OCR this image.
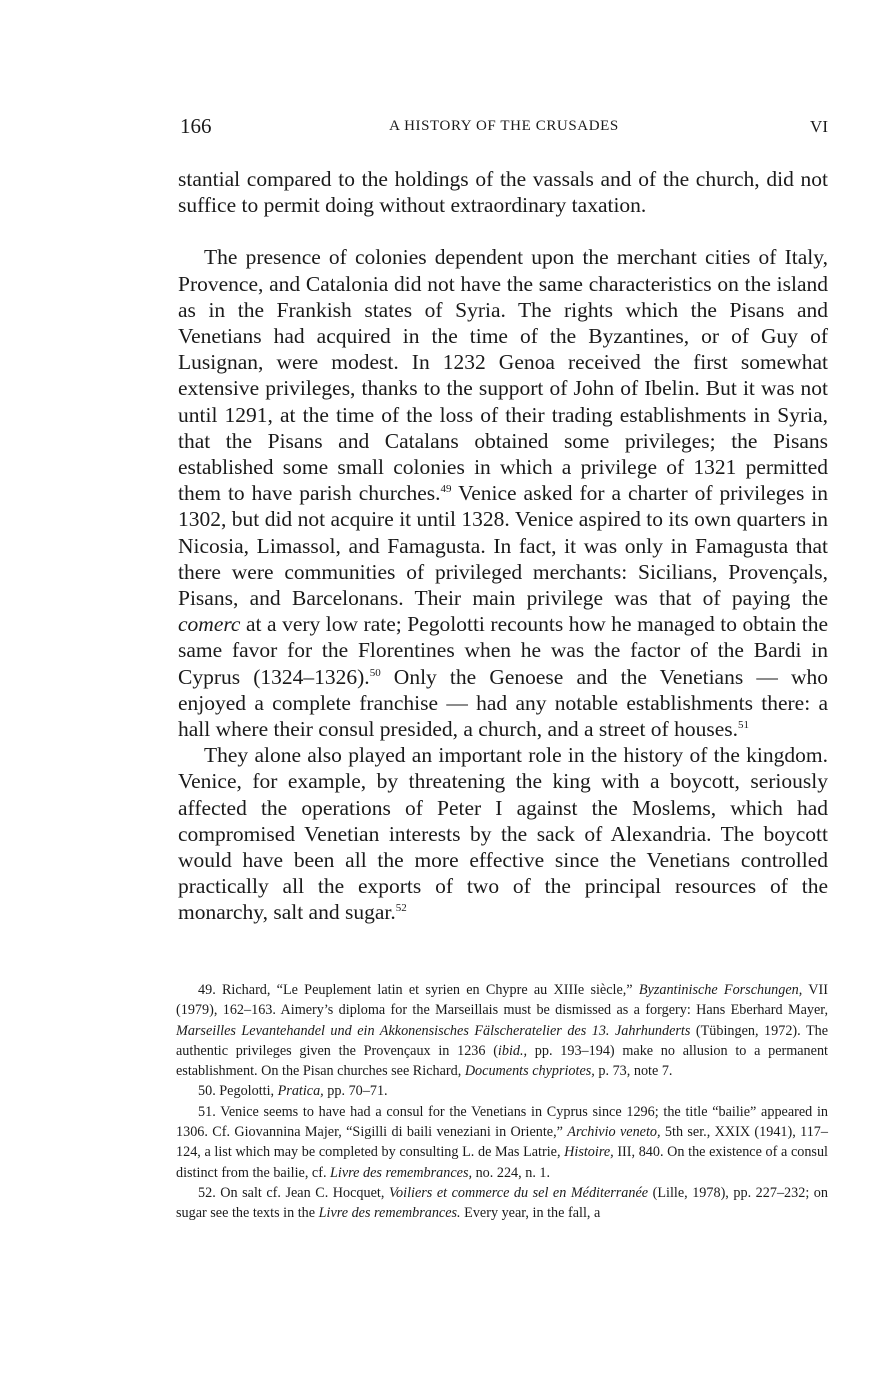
166	A HISTORY OF THE CRUSADES	VI

stantial compared to the holdings of the vassals and of the church, did not suffice to permit doing without extraordinary taxation.

The presence of colonies dependent upon the merchant cities of Italy, Provence, and Catalonia did not have the same characteristics on the island as in the Frankish states of Syria. The rights which the Pisans and Venetians had acquired in the time of the Byzantines, or of Guy of Lusignan, were modest. In 1232 Genoa received the first somewhat extensive privileges, thanks to the support of John of Ibelin. But it was not until 1291, at the time of the loss of their trading establishments in Syria, that the Pisans and Catalans obtained some privileges; the Pisans established some small colonies in which a privilege of 1321 permitted them to have parish churches.$^{49}$ Venice asked for a charter of privileges in 1302, but did not acquire it until 1328. Venice aspired to its own quarters in Nicosia, Limassol, and Famagusta. In fact, it was only in Famagusta that there were communities of privileged merchants: Sicilians, Provençals, Pisans, and Barcelonans. Their main privilege was that of paying the comerc at a very low rate; Pegolotti recounts how he managed to obtain the same favor for the Florentines when he was the factor of the Bardi in Cyprus (1324–1326).$^{50}$ Only the Genoese and the Venetians — who enjoyed a complete franchise — had any notable establishments there: a hall where their consul presided, a church, and a street of houses.$^{51}$

They alone also played an important role in the history of the kingdom. Venice, for example, by threatening the king with a boycott, seriously affected the operations of Peter I against the Moslems, which had compromised Venetian interests by the sack of Alexandria. The boycott would have been all the more effective since the Venetians controlled practically all the exports of two of the principal resources of the monarchy, salt and sugar.$^{52}$

49. Richard, “Le Peuplement latin et syrien en Chypre au XIIIe siècle,” Byzantinische Forschungen, VII (1979), 162–163. Aimery’s diploma for the Marseillais must be dismissed as a forgery: Hans Eberhard Mayer, Marseilles Levantehandel und ein Akkonensisches Fälscheratelier des 13. Jahrhunderts (Tübingen, 1972). The authentic privileges given the Provençaux in 1236 (ibid., pp. 193–194) make no allusion to a permanent establishment. On the Pisan churches see Richard, Documents chypriotes, p. 73, note 7.

50. Pegolotti, Pratica, pp. 70–71.

51. Venice seems to have had a consul for the Venetians in Cyprus since 1296; the title “bailie” appeared in 1306. Cf. Giovannina Majer, “Sigilli di baili veneziani in Oriente,” Archivio veneto, 5th ser., XXIX (1941), 117–124, a list which may be completed by consulting L. de Mas Latrie, Histoire, III, 840. On the existence of a consul distinct from the bailie, cf. Livre des remembrances, no. 224, n. 1.

52. On salt cf. Jean C. Hocquet, Voiliers et commerce du sel en Méditerranée (Lille, 1978), pp. 227–232; on sugar see the texts in the Livre des remembrances. Every year, in the fall, a
